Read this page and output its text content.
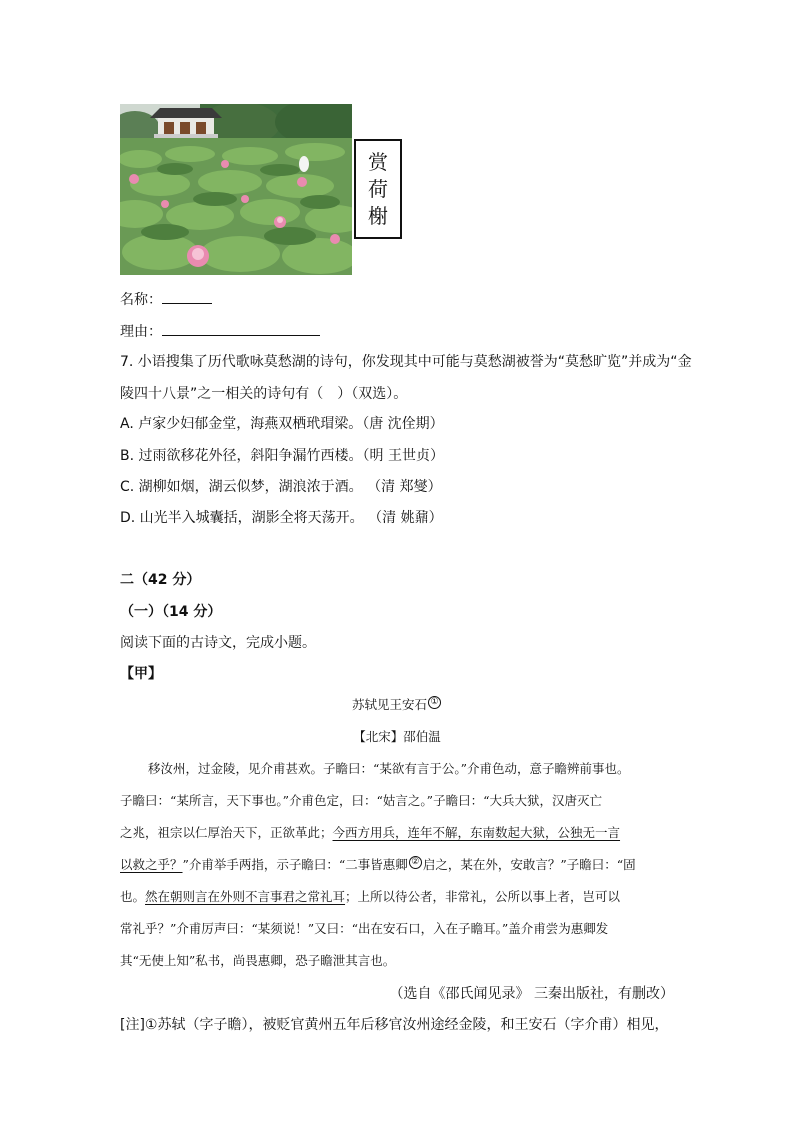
赏
荷
榭
名称：
理由：
7. 小语搜集了历代歌咏莫愁湖的诗句，你发现其中可能与莫愁湖被誉为“莫愁旷览”并成为“金
陵四十八景”之一相关的诗句有（　）（双选）。
A. 卢家少妇郁金堂，海燕双栖玳瑁梁。（唐 沈佺期）
B. 过雨欲移花外径，斜阳争漏竹西楼。（明 王世贞）
C. 湖柳如烟，湖云似梦，湖浪浓于酒。 （清 郑燮）
D. 山光半入城囊括，湖影全将天荡开。 （清 姚鼐）
二（42 分）
（一）（14 分）
阅读下面的古诗文，完成小题。
【甲】
苏轼见王安石 ①
【北宋】邵伯温
移汝州，过金陵，见介甫甚欢。子瞻曰：“某欲有言于公。”介甫色动，意子瞻辨前事也。
子瞻曰：“某所言，天下事也。”介甫色定，曰：“姑言之。”子瞻曰：“大兵大狱，汉唐灭亡
之兆，祖宗以仁厚治天下，正欲革此；今西方用兵，连年不解，东南数起大狱，公独无一言
以救之乎？”介甫举手两指，示子瞻曰：“二事皆惠卿 ② 启之，某在外，安敢言？”子瞻曰：“固
也。然在朝则言在外则不言事君之常礼耳；上所以待公者，非常礼，公所以事上者，岂可以
常礼乎？”介甫厉声曰：“某须说！”又曰：“出在安石口，入在子瞻耳。”盖介甫尝为惠卿发
其“无使上知”私书，尚畏惠卿，恐子瞻泄其言也。
（选自《邵氏闻见录》 三秦出版社，有删改）
[注]①苏轼（字子瞻），被贬官黄州五年后移官汝州途经金陵，和王安石（字介甫）相见，
